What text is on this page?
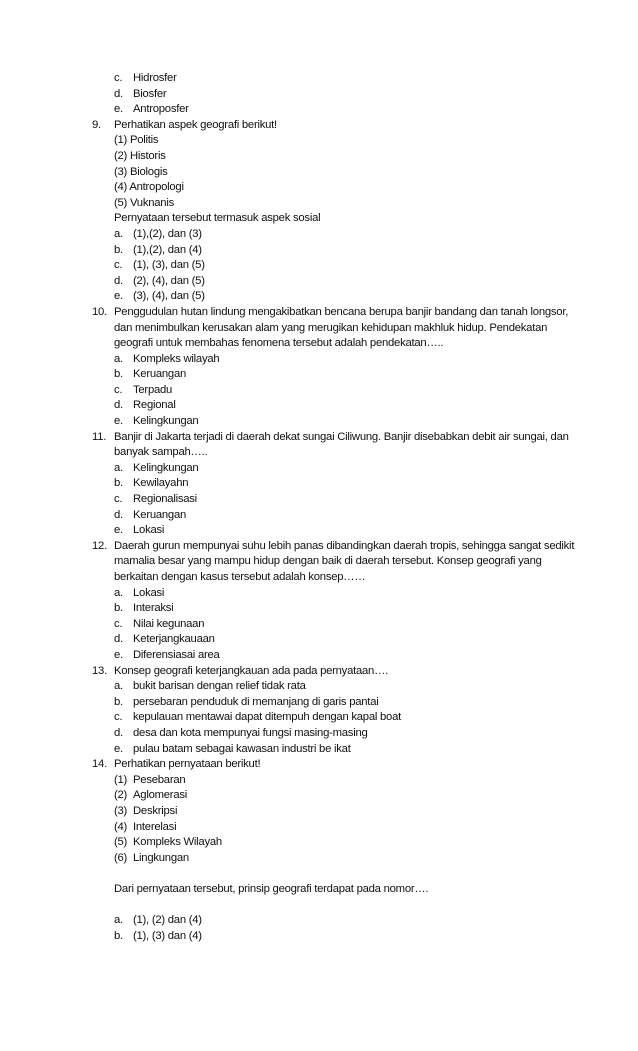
c. Hidrosfer
d. Biosfer
e. Antroposfer
9. Perhatikan aspek geografi berikut!
(1) Politis
(2) Historis
(3) Biologis
(4) Antropologi
(5) Vuknanis
Pernyataan tersebut termasuk aspek sosial
a. (1),(2), dan (3)
b. (1),(2), dan (4)
c. (1), (3), dan (5)
d. (2), (4), dan (5)
e. (3), (4), dan (5)
10. Penggudulan hutan lindung mengakibatkan bencana berupa banjir bandang dan tanah longsor,
dan menimbulkan kerusakan alam yang merugikan kehidupan makhluk hidup. Pendekatan
geografi untuk membahas fenomena tersebut adalah pendekatan…..
a. Kompleks wilayah
b. Keruangan
c. Terpadu
d. Regional
e. Kelingkungan
11. Banjir di Jakarta terjadi di daerah dekat sungai Ciliwung. Banjir disebabkan debit air sungai, dan
banyak sampah…..
a. Kelingkungan
b. Kewilayahn
c. Regionalisasi
d. Keruangan
e. Lokasi
12. Daerah gurun mempunyai suhu lebih panas dibandingkan daerah tropis, sehingga sangat sedikit
mamalia besar yang mampu hidup dengan baik di daerah tersebut. Konsep geografi yang
berkaitan dengan kasus tersebut adalah konsep……
a. Lokasi
b. Interaksi
c. Nilai kegunaan
d. Keterjangkauaan
e. Diferensiasai area
13. Konsep geografi keterjangkauan ada pada pernyataan….
a. bukit barisan dengan relief tidak rata
b. persebaran penduduk di memanjang di garis pantai
c. kepulauan mentawai dapat ditempuh dengan kapal boat
d. desa dan kota mempunyai fungsi masing-masing
e. pulau batam sebagai kawasan industri be ikat
14. Perhatikan pernyataan berikut!
(1) Pesebaran
(2) Aglomerasi
(3) Deskripsi
(4) Interelasi
(5) Kompleks Wilayah
(6) Lingkungan
Dari pernyataan tersebut, prinsip geografi terdapat pada nomor….
a. (1), (2) dan (4)
b. (1), (3) dan (4)
